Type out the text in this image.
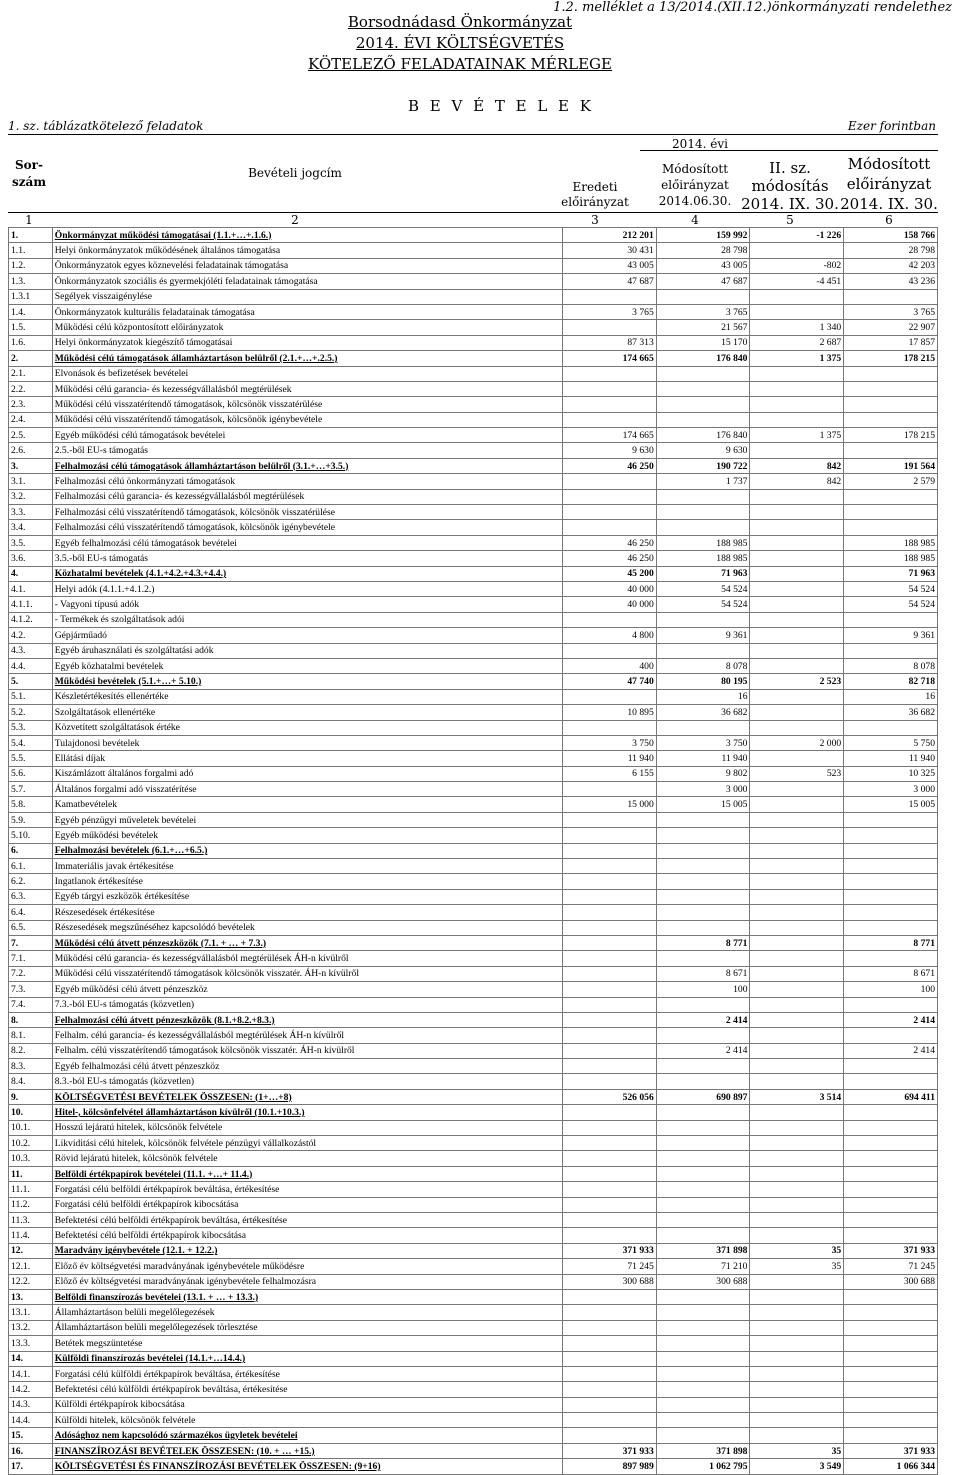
1.2. melléklet a 13/2014.(XII.12.)önkormányzati rendelethez
Borsodnádasd Önkormányzat
2014. ÉVI KÖLTSÉGVETÉS
KÖTELEZŐ FELADATAINAK MÉRLEGE
B E V É T E L E K
1. sz. táblázat kötelező feladatok	Ezer forintban
2014. évi
Sor-
szám
Bevételi jogcím
Eredeti előirányzat
Módosított
előirányzat
2014.06.30.
II. sz.
módosítás
2014. IX. 30.
Módosított
előirányzat
2014. IX. 30.
1	2	3	4	5	6
1.	Önkormányzat működési támogatásai (1.1.+…+.1.6.)	212 201	159 992	-1 226	158 766
1.1.	Helyi önkormányzatok működésének általános támogatása	30 431	28 798		28 798
1.2.	Önkormányzatok egyes köznevelési feladatainak támogatása	43 005	43 005	-802	42 203
1.3.	Önkormányzatok szociális és gyermekjóléti feladatainak támogatása	47 687	47 687	-4 451	43 236
1.3.1	Segélyek visszaigénylése				
1.4.	Önkormányzatok kulturális feladatainak támogatása	3 765	3 765		3 765
1.5.	Működési célú központosított előirányzatok		21 567	1 340	22 907
1.6.	Helyi önkormányzatok kiegészítő támogatásai	87 313	15 170	2 687	17 857
2.	Működési célú támogatások államháztartáson belülről (2.1.+…+.2.5.)	174 665	176 840	1 375	178 215
2.1.	Elvonások és befizetések bevételei				
2.2.	Működési célú garancia- és kezességvállalásból megtérülések				
2.3.	Működési célú visszatérítendő támogatások, kölcsönök visszatérülése				
2.4.	Működési célú visszatérítendő támogatások, kölcsönök igénybevétele				
2.5.	Egyéb működési célú támogatások bevételei	174 665	176 840	1 375	178 215
2.6.	2.5.-ből EU-s támogatás	9 630	9 630		
3.	Felhalmozási célú támogatások államháztartáson belülről (3.1.+…+3.5.)	46 250	190 722	842	191 564
3.1.	Felhalmozási célú önkormányzati támogatások		1 737	842	2 579
3.2.	Felhalmozási célú garancia- és kezességvállalásból megtérülések				
3.3.	Felhalmozási célú visszatérítendő támogatások, kölcsönök visszatérülése				
3.4.	Felhalmozási célú visszatérítendő támogatások, kölcsönök igénybevétele				
3.5.	Egyéb felhalmozási célú támogatások bevételei	46 250	188 985		188 985
3.6.	3.5.-ből EU-s támogatás	46 250	188 985		188 985
4.	Közhatalmi bevételek (4.1.+4.2.+4.3.+4.4.)	45 200	71 963		71 963
4.1.	Helyi adók (4.1.1.+4.1.2.)	40 000	54 524		54 524
4.1.1.	- Vagyoni típusú adók	40 000	54 524		54 524
4.1.2.	- Termékek és szolgáltatások adói				
4.2.	Gépjárműadó	4 800	9 361		9 361
4.3.	Egyéb áruhasználati és szolgáltatási adók				
4.4.	Egyéb közhatalmi bevételek	400	8 078		8 078
5.	Működési bevételek (5.1.+…+ 5.10.)	47 740	80 195	2 523	82 718
5.1.	Készletértékesítés ellenértéke		16		16
5.2.	Szolgáltatások ellenértéke	10 895	36 682		36 682
5.3.	Közvetített szolgáltatások értéke				
5.4.	Tulajdonosi bevételek	3 750	3 750	2 000	5 750
5.5.	Ellátási díjak	11 940	11 940		11 940
5.6.	Kiszámlázott általános forgalmi adó	6 155	9 802	523	10 325
5.7.	Általános forgalmi adó visszatérítése		3 000		3 000
5.8.	Kamatbevételek	15 000	15 005		15 005
5.9.	Egyéb pénzügyi műveletek bevételei				
5.10.	Egyéb működési bevételek				
6.	Felhalmozási bevételek (6.1.+…+6.5.)				
6.1.	Immateriális javak értékesítése				
6.2.	Ingatlanok értékesítése				
6.3.	Egyéb tárgyi eszközök értékesítése				
6.4.	Részesedések értékesítése				
6.5.	Részesedések megszűnéséhez kapcsolódó bevételek				
7.	Működési célú átvett pénzeszközök (7.1. + … + 7.3.)		8 771		8 771
7.1.	Működési célú garancia- és kezességvállalásból megtérülések ÁH-n kívülről				
7.2.	Működési célú visszatérítendő támogatások kölcsönök visszatér. ÁH-n kívülről		8 671		8 671
7.3.	Egyéb működési célú átvett pénzeszköz		100		100
7.4.	7.3.-ból EU-s támogatás (közvetlen)				
8.	Felhalmozási célú átvett pénzeszközök (8.1.+8.2.+8.3.)		2 414		2 414
8.1.	Felhalm. célú garancia- és kezességvállalásból megtérülések ÁH-n kívülről				
8.2.	Felhalm. célú visszatérítendő támogatások kölcsönök visszatér. ÁH-n kívülről		2 414		2 414
8.3.	Egyéb felhalmozási célú átvett pénzeszköz				
8.4.	8.3.-ból EU-s támogatás (közvetlen)				
9.	KÖLTSÉGVETÉSI BEVÉTELEK ÖSSZESEN: (1+…+8)	526 056	690 897	3 514	694 411
10.	Hitel-, kölcsönfelvétel államháztartáson kívülről (10.1.+10.3.)				
10.1.	Hosszú lejáratú hitelek, kölcsönök felvétele				
10.2.	Likviditási célú hitelek, kölcsönök felvétele pénzügyi vállalkozástól				
10.3.	Rövid lejáratú hitelek, kölcsönök felvétele				
11.	Belföldi értékpapírok bevételei (11.1. +…+ 11.4.)				
11.1.	Forgatási célú belföldi értékpapírok beváltása, értékesítése				
11.2.	Forgatási célú belföldi értékpapírok kibocsátása				
11.3.	Befektetési célú belföldi értékpapírok beváltása, értékesítése				
11.4.	Befektetési célú belföldi értékpapírok kibocsátása				
12.	Maradvány igénybevétele (12.1. + 12.2.)	371 933	371 898	35	371 933
12.1.	Előző év költségvetési maradványának igénybevétele működésre	71 245	71 210	35	71 245
12.2.	Előző év költségvetési maradványának igénybevétele felhalmozásra	300 688	300 688		300 688
13.	Belföldi finanszírozás bevételei (13.1. + … + 13.3.)				
13.1.	Államháztartáson belüli megelőlegezések				
13.2.	Államháztartáson belüli megelőlegezések törlesztése				
13.3.	Betétek megszüntetése				
14.	Külföldi finanszírozás bevételei (14.1.+…14.4.)				
14.1.	Forgatási célú külföldi értékpapírok beváltása, értékesítése				
14.2.	Befektetési célú külföldi értékpapírok beváltása, értékesítése				
14.3.	Külföldi értékpapírok kibocsátása				
14.4.	Külföldi hitelek, kölcsönök felvétele				
15.	Adósághoz nem kapcsolódó származékos ügyletek bevételei				
16.	FINANSZÍROZÁSI BEVÉTELEK ÖSSZESEN: (10. + … +15.)	371 933	371 898	35	371 933
17.	KÖLTSÉGVETÉSI ÉS FINANSZÍROZÁSI BEVÉTELEK ÖSSZESEN: (9+16)	897 989	1 062 795	3 549	1 066 344
